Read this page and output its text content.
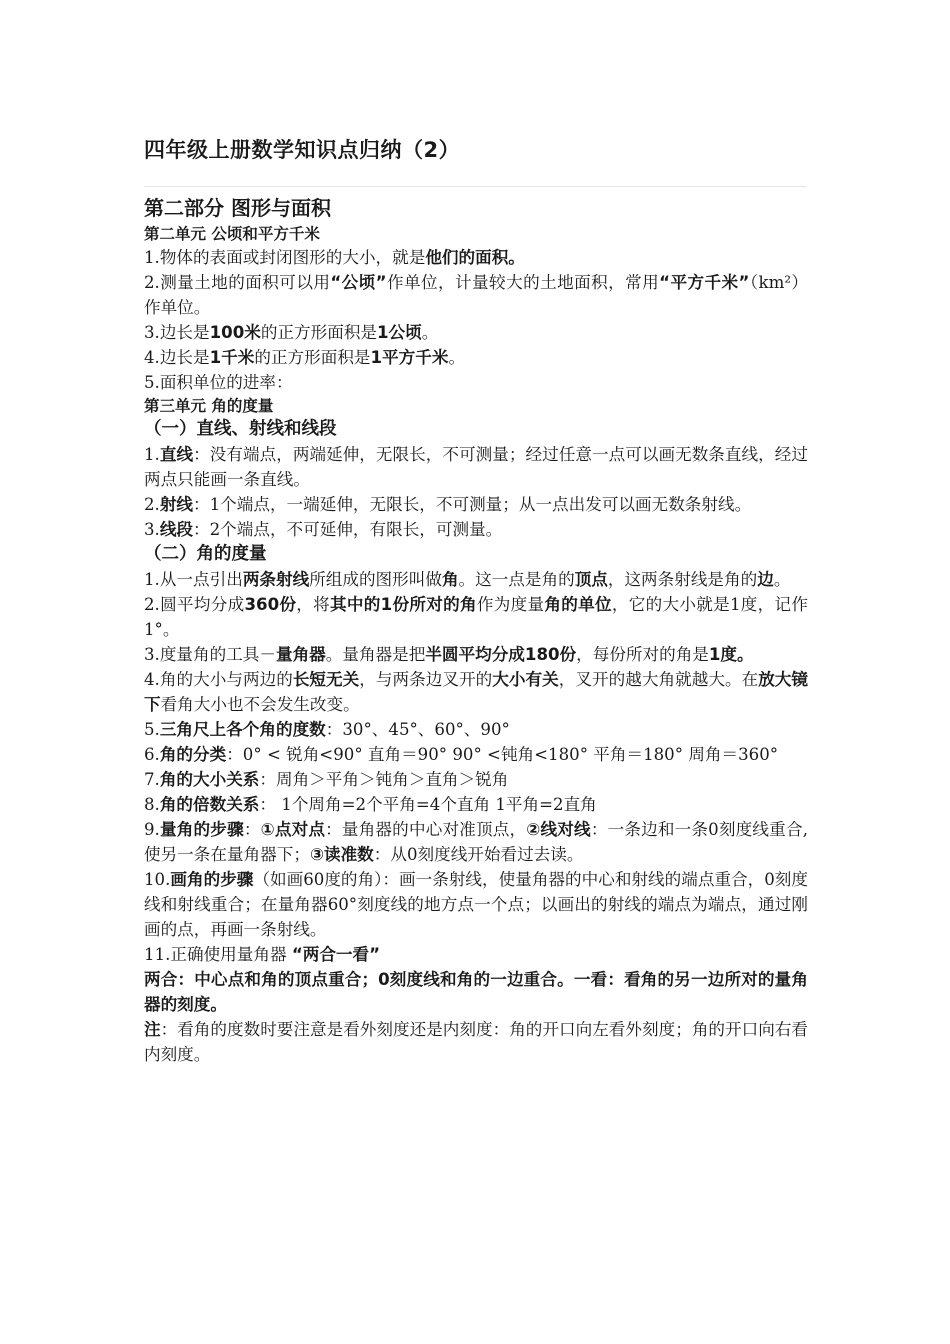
四年级上册数学知识点归纳（2）
第二部分 图形与面积
第二单元 公顷和平方千米

1.物体的表面或封闭图形的大小，就是他们的面积。

2.测量土地的面积可以用“公顷”作单位，计量较大的土地面积，常用“平方千米”（km²）作单位。

3.边长是100米的正方形面积是1公顷。

4.边长是1千米的正方形面积是1平方千米。

5.面积单位的进率：

第三单元 角的度量
（一）直线、射线和线段

1.直线：没有端点，两端延伸，无限长，不可测量；经过任意一点可以画无数条直线，经过两点只能画一条直线。

2.射线：1个端点，一端延伸，无限长，不可测量；从一点出发可以画无数条射线。

3.线段：2个端点，不可延伸，有限长，可测量。

（二）角的度量

1.从一点引出两条射线所组成的图形叫做角。这一点是角的顶点，这两条射线是角的边。

2.圆平均分成360份，将其中的1份所对的角作为度量角的单位，它的大小就是1度，记作1°。

3.度量角的工具－量角器。量角器是把半圆平均分成180份，每份所对的角是1度。

4.角的大小与两边的长短无关，与两条边叉开的大小有关，叉开的越大角就越大。在放大镜下看角大小也不会发生改变。

5.三角尺上各个角的度数：30°、45°、60°、90°

6.角的分类：0° < 锐角<90° 直角＝90° 90° <钝角<180° 平角＝180° 周角＝360°

7.角的大小关系：周角＞平角＞钝角＞直角＞锐角

8.角的倍数关系： 1个周角=2个平角=4个直角 1平角=2直角

9.量角的步骤：①点对点：量角器的中心对准顶点，②线对线：一条边和一条0刻度线重合,使另一条在量角器下；③读准数：从0刻度线开始看过去读。

10.画角的步骤（如画60度的角）：画一条射线，使量角器的中心和射线的端点重合，0刻度线和射线重合；在量角器60°刻度线的地方点一个点；以画出的射线的端点为端点，通过刚画的点，再画一条射线。

11.正确使用量角器 “两合一看”

两合：中心点和角的顶点重合；0刻度线和角的一边重合。一看：看角的另一边所对的量角器的刻度。

注：看角的度数时要注意是看外刻度还是内刻度：角的开口向左看外刻度；角的开口向右看内刻度。
